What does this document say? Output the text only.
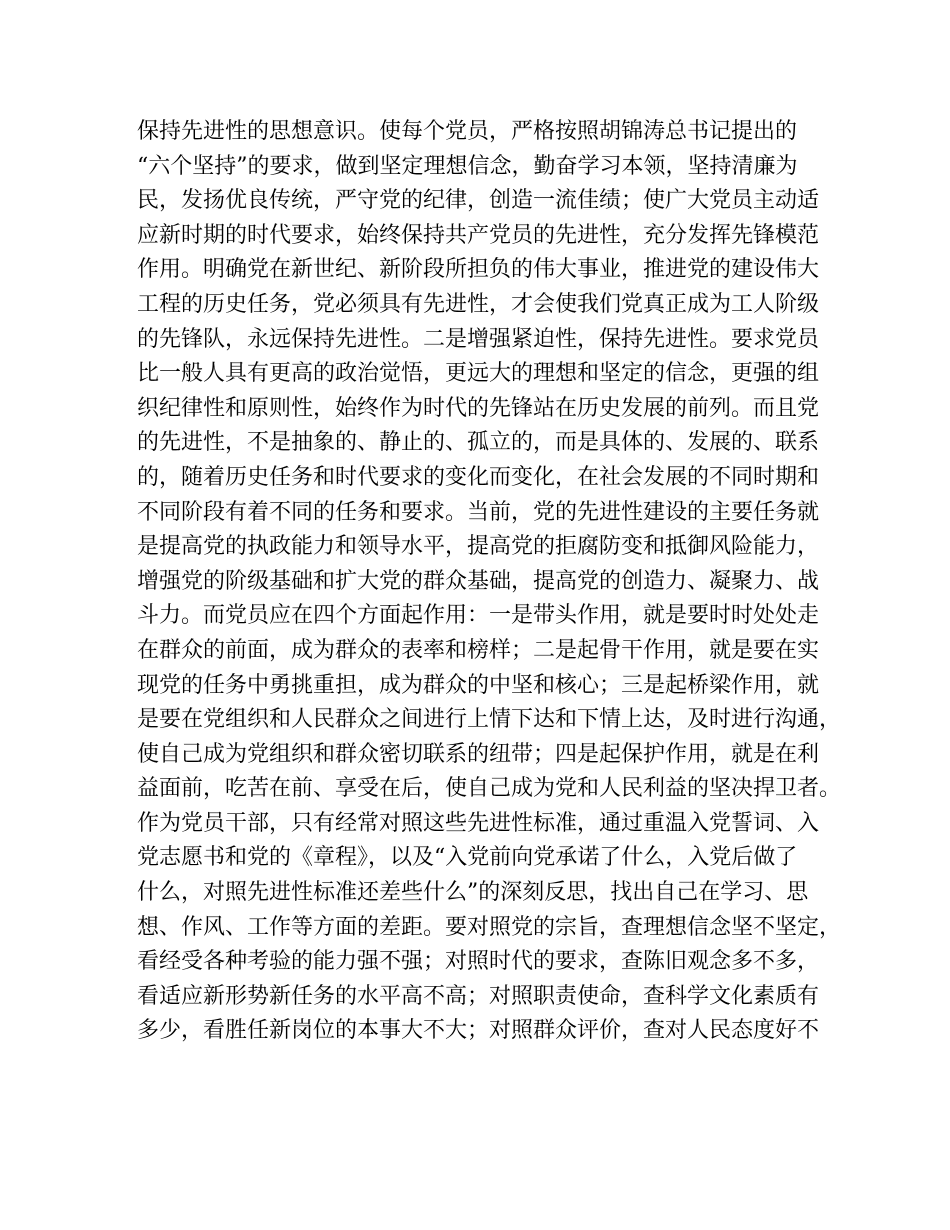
保持先进性的思想意识。使每个党员，严格按照胡锦涛总书记提出的
“六个坚持”的要求，做到坚定理想信念，勤奋学习本领，坚持清廉为
民，发扬优良传统，严守党的纪律，创造一流佳绩；使广大党员主动适
应新时期的时代要求，始终保持共产党员的先进性，充分发挥先锋模范
作用。明确党在新世纪、新阶段所担负的伟大事业，推进党的建设伟大
工程的历史任务，党必须具有先进性，才会使我们党真正成为工人阶级
的先锋队，永远保持先进性。二是增强紧迫性，保持先进性。要求党员
比一般人具有更高的政治觉悟，更远大的理想和坚定的信念，更强的组
织纪律性和原则性，始终作为时代的先锋站在历史发展的前列。而且党
的先进性，不是抽象的、静止的、孤立的，而是具体的、发展的、联系
的，随着历史任务和时代要求的变化而变化，在社会发展的不同时期和
不同阶段有着不同的任务和要求。当前，党的先进性建设的主要任务就
是提高党的执政能力和领导水平，提高党的拒腐防变和抵御风险能力，
增强党的阶级基础和扩大党的群众基础，提高党的创造力、凝聚力、战
斗力。而党员应在四个方面起作用：一是带头作用，就是要时时处处走
在群众的前面，成为群众的表率和榜样；二是起骨干作用，就是要在实
现党的任务中勇挑重担，成为群众的中坚和核心；三是起桥梁作用，就
是要在党组织和人民群众之间进行上情下达和下情上达，及时进行沟通，
使自己成为党组织和群众密切联系的纽带；四是起保护作用，就是在利
益面前，吃苦在前、享受在后，使自己成为党和人民利益的坚决捍卫者。
作为党员干部，只有经常对照这些先进性标准，通过重温入党誓词、入
党志愿书和党的《章程》，以及“入党前向党承诺了什么，入党后做了
什么，对照先进性标准还差些什么”的深刻反思，找出自己在学习、思
想、作风、工作等方面的差距。要对照党的宗旨，查理想信念坚不坚定，
看经受各种考验的能力强不强；对照时代的要求，查陈旧观念多不多，
看适应新形势新任务的水平高不高；对照职责使命，查科学文化素质有
多少，看胜任新岗位的本事大不大；对照群众评价，查对人民态度好不
